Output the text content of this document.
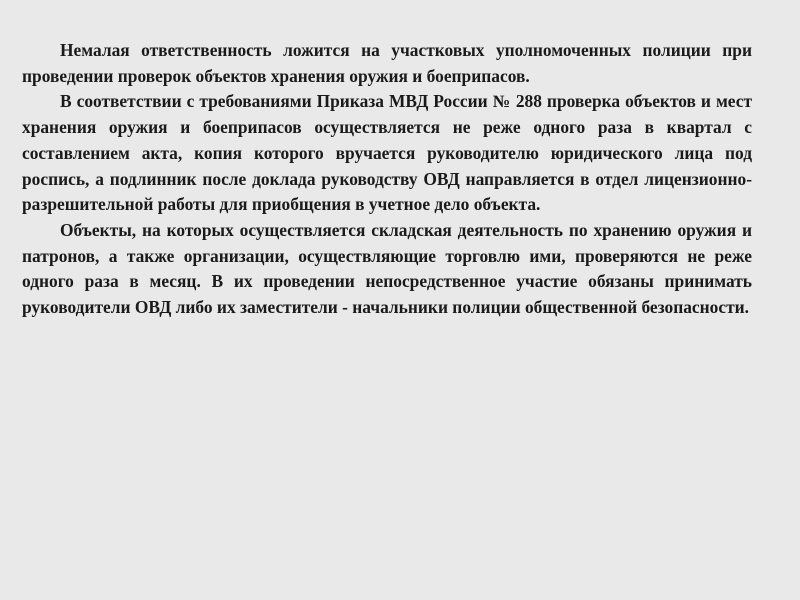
Немалая ответственность ложится на участковых уполномоченных полиции при проведении проверок объектов хранения оружия и боеприпасов.

В соответствии с требованиями Приказа МВД России № 288 проверка объектов и мест хранения оружия и боеприпасов осуществляется не реже одного раза в квартал с составлением акта, копия которого вручается руководителю юридического лица под роспись, а подлинник после доклада руководству ОВД направляется в отдел лицензионно-разрешительной работы для приобщения в учетное дело объекта.

Объекты, на которых осуществляется складская деятельность по хранению оружия и патронов, а также организации, осуществляющие торговлю ими, проверяются не реже одного раза в месяц. В их проведении непосредственное участие обязаны принимать руководители ОВД либо их заместители - начальники полиции общественной безопасности.
